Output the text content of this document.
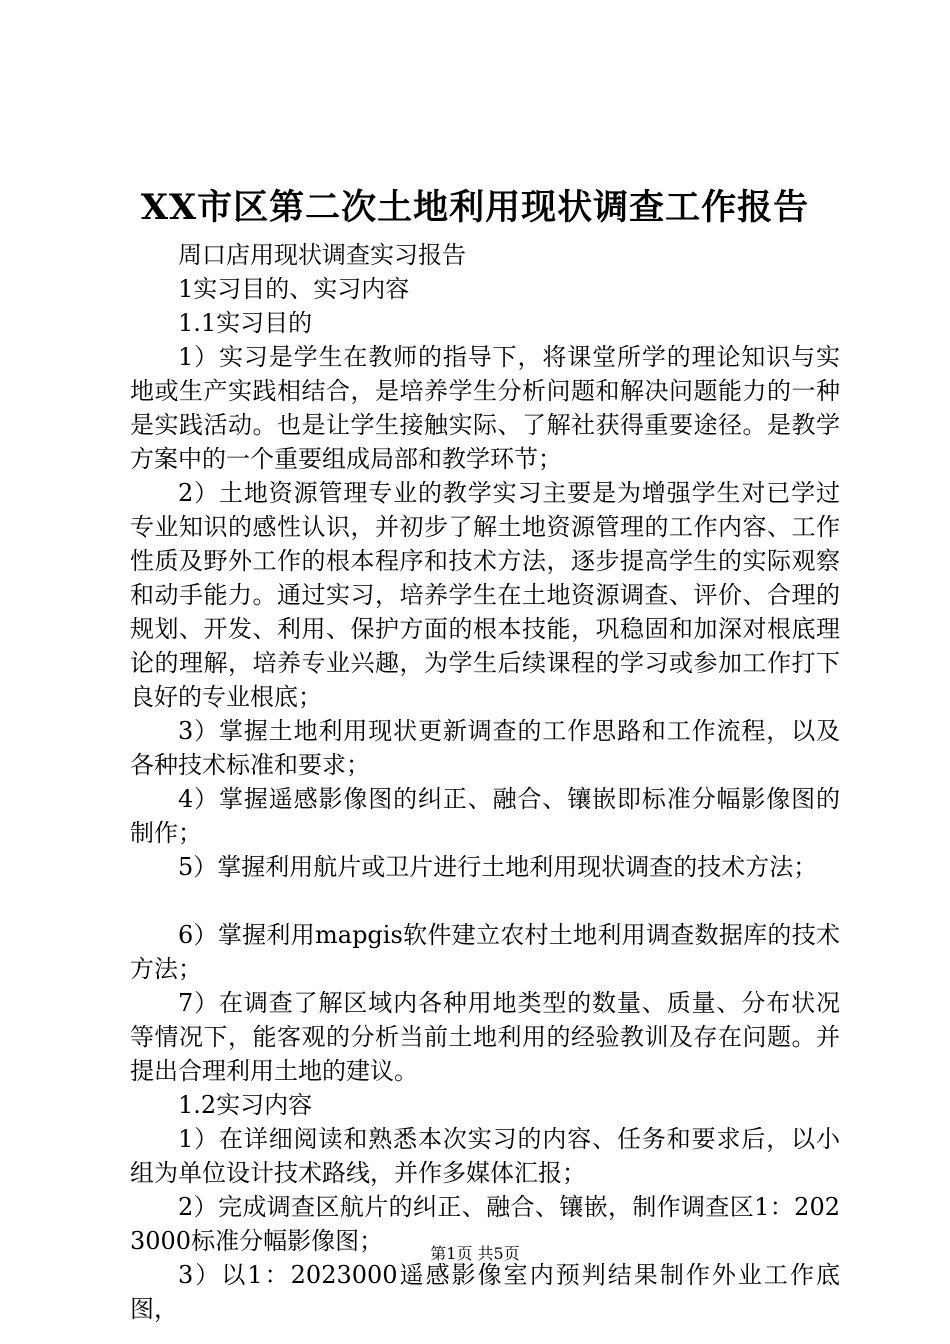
XX市区第二次土地利用现状调查工作报告

周口店用现状调查实习报告

1实习目的、实习内容

1.1实习目的

1）实习是学生在教师的指导下，将课堂所学的理论知识与实地或生产实践相结合，是培养学生分析问题和解决问题能力的一种是实践活动。也是让学生接触实际、了解社获得重要途径。是教学方案中的一个重要组成局部和教学环节；

2）土地资源管理专业的教学实习主要是为增强学生对已学过专业知识的感性认识，并初步了解土地资源管理的工作内容、工作性质及野外工作的根本程序和技术方法，逐步提高学生的实际观察和动手能力。通过实习，培养学生在土地资源调查、评价、合理的规划、开发、利用、保护方面的根本技能，巩稳固和加深对根底理论的理解，培养专业兴趣，为学生后续课程的学习或参加工作打下良好的专业根底；

3）掌握土地利用现状更新调查的工作思路和工作流程，以及各种技术标准和要求；

4）掌握遥感影像图的纠正、融合、镶嵌即标准分幅影像图的制作；

5）掌握利用航片或卫片进行土地利用现状调查的技术方法；

6）掌握利用mapgis软件建立农村土地利用调查数据库的技术方法；

7）在调查了解区域内各种用地类型的数量、质量、分布状况等情况下，能客观的分析当前土地利用的经验教训及存在问题。并提出合理利用土地的建议。

1.2实习内容

1）在详细阅读和熟悉本次实习的内容、任务和要求后，以小组为单位设计技术路线，并作多媒体汇报；

2）完成调查区航片的纠正、融合、镶嵌，制作调查区1：2023000标准分幅影像图；

3）以1：2023000遥感影像室内预判结果制作外业工作底图，

第1页 共5页
